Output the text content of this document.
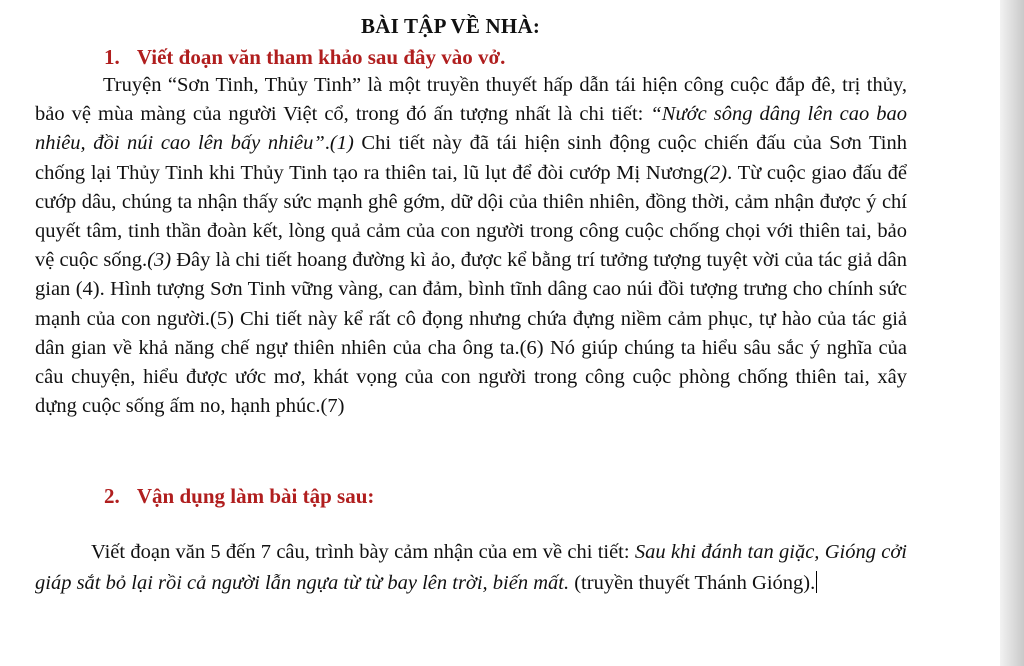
BÀI TẬP VỀ NHÀ:
1. Viết đoạn văn tham khảo sau đây vào vở.
Truyện “Sơn Tinh, Thủy Tinh” là một truyền thuyết hấp dẫn tái hiện công cuộc đắp đê, trị thủy, bảo vệ mùa màng của người Việt cổ, trong đó ấn tượng nhất là chi tiết: “Nước sông dâng lên cao bao nhiêu, đồi núi cao lên bấy nhiêu”.(1) Chi tiết này đã tái hiện sinh động cuộc chiến đấu của Sơn Tinh chống lại Thủy Tinh khi Thủy Tinh tạo ra thiên tai, lũ lụt để đòi cướp Mị Nương(2). Từ cuộc giao đấu để cướp dâu, chúng ta nhận thấy sức mạnh ghê gớm, dữ dội của thiên nhiên, đồng thời, cảm nhận được ý chí quyết tâm, tinh thần đoàn kết, lòng quả cảm của con người trong công cuộc chống chọi với thiên tai, bảo vệ cuộc sống.(3) Đây là chi tiết hoang đường kì ảo, được kể bằng trí tưởng tượng tuyệt vời của tác giả dân gian (4). Hình tượng Sơn Tinh vững vàng, can đảm, bình tĩnh dâng cao núi đồi tượng trưng cho chính sức mạnh của con người.(5) Chi tiết này kể rất cô đọng nhưng chứa đựng niềm cảm phục, tự hào của tác giả dân gian về khả năng chế ngự thiên nhiên của cha ông ta.(6) Nó giúp chúng ta hiểu sâu sắc ý nghĩa của câu chuyện, hiểu được ước mơ, khát vọng của con người trong công cuộc phòng chống thiên tai, xây dựng cuộc sống ấm no, hạnh phúc.(7)
2. Vận dụng làm bài tập sau:
Viết đoạn văn 5 đến 7 câu, trình bày cảm nhận của em về chi tiết: Sau khi đánh tan giặc, Gióng cởi giáp sắt bỏ lại rồi cả người lẫn ngựa từ từ bay lên trời, biến mất. (truyền thuyết Thánh Gióng).
